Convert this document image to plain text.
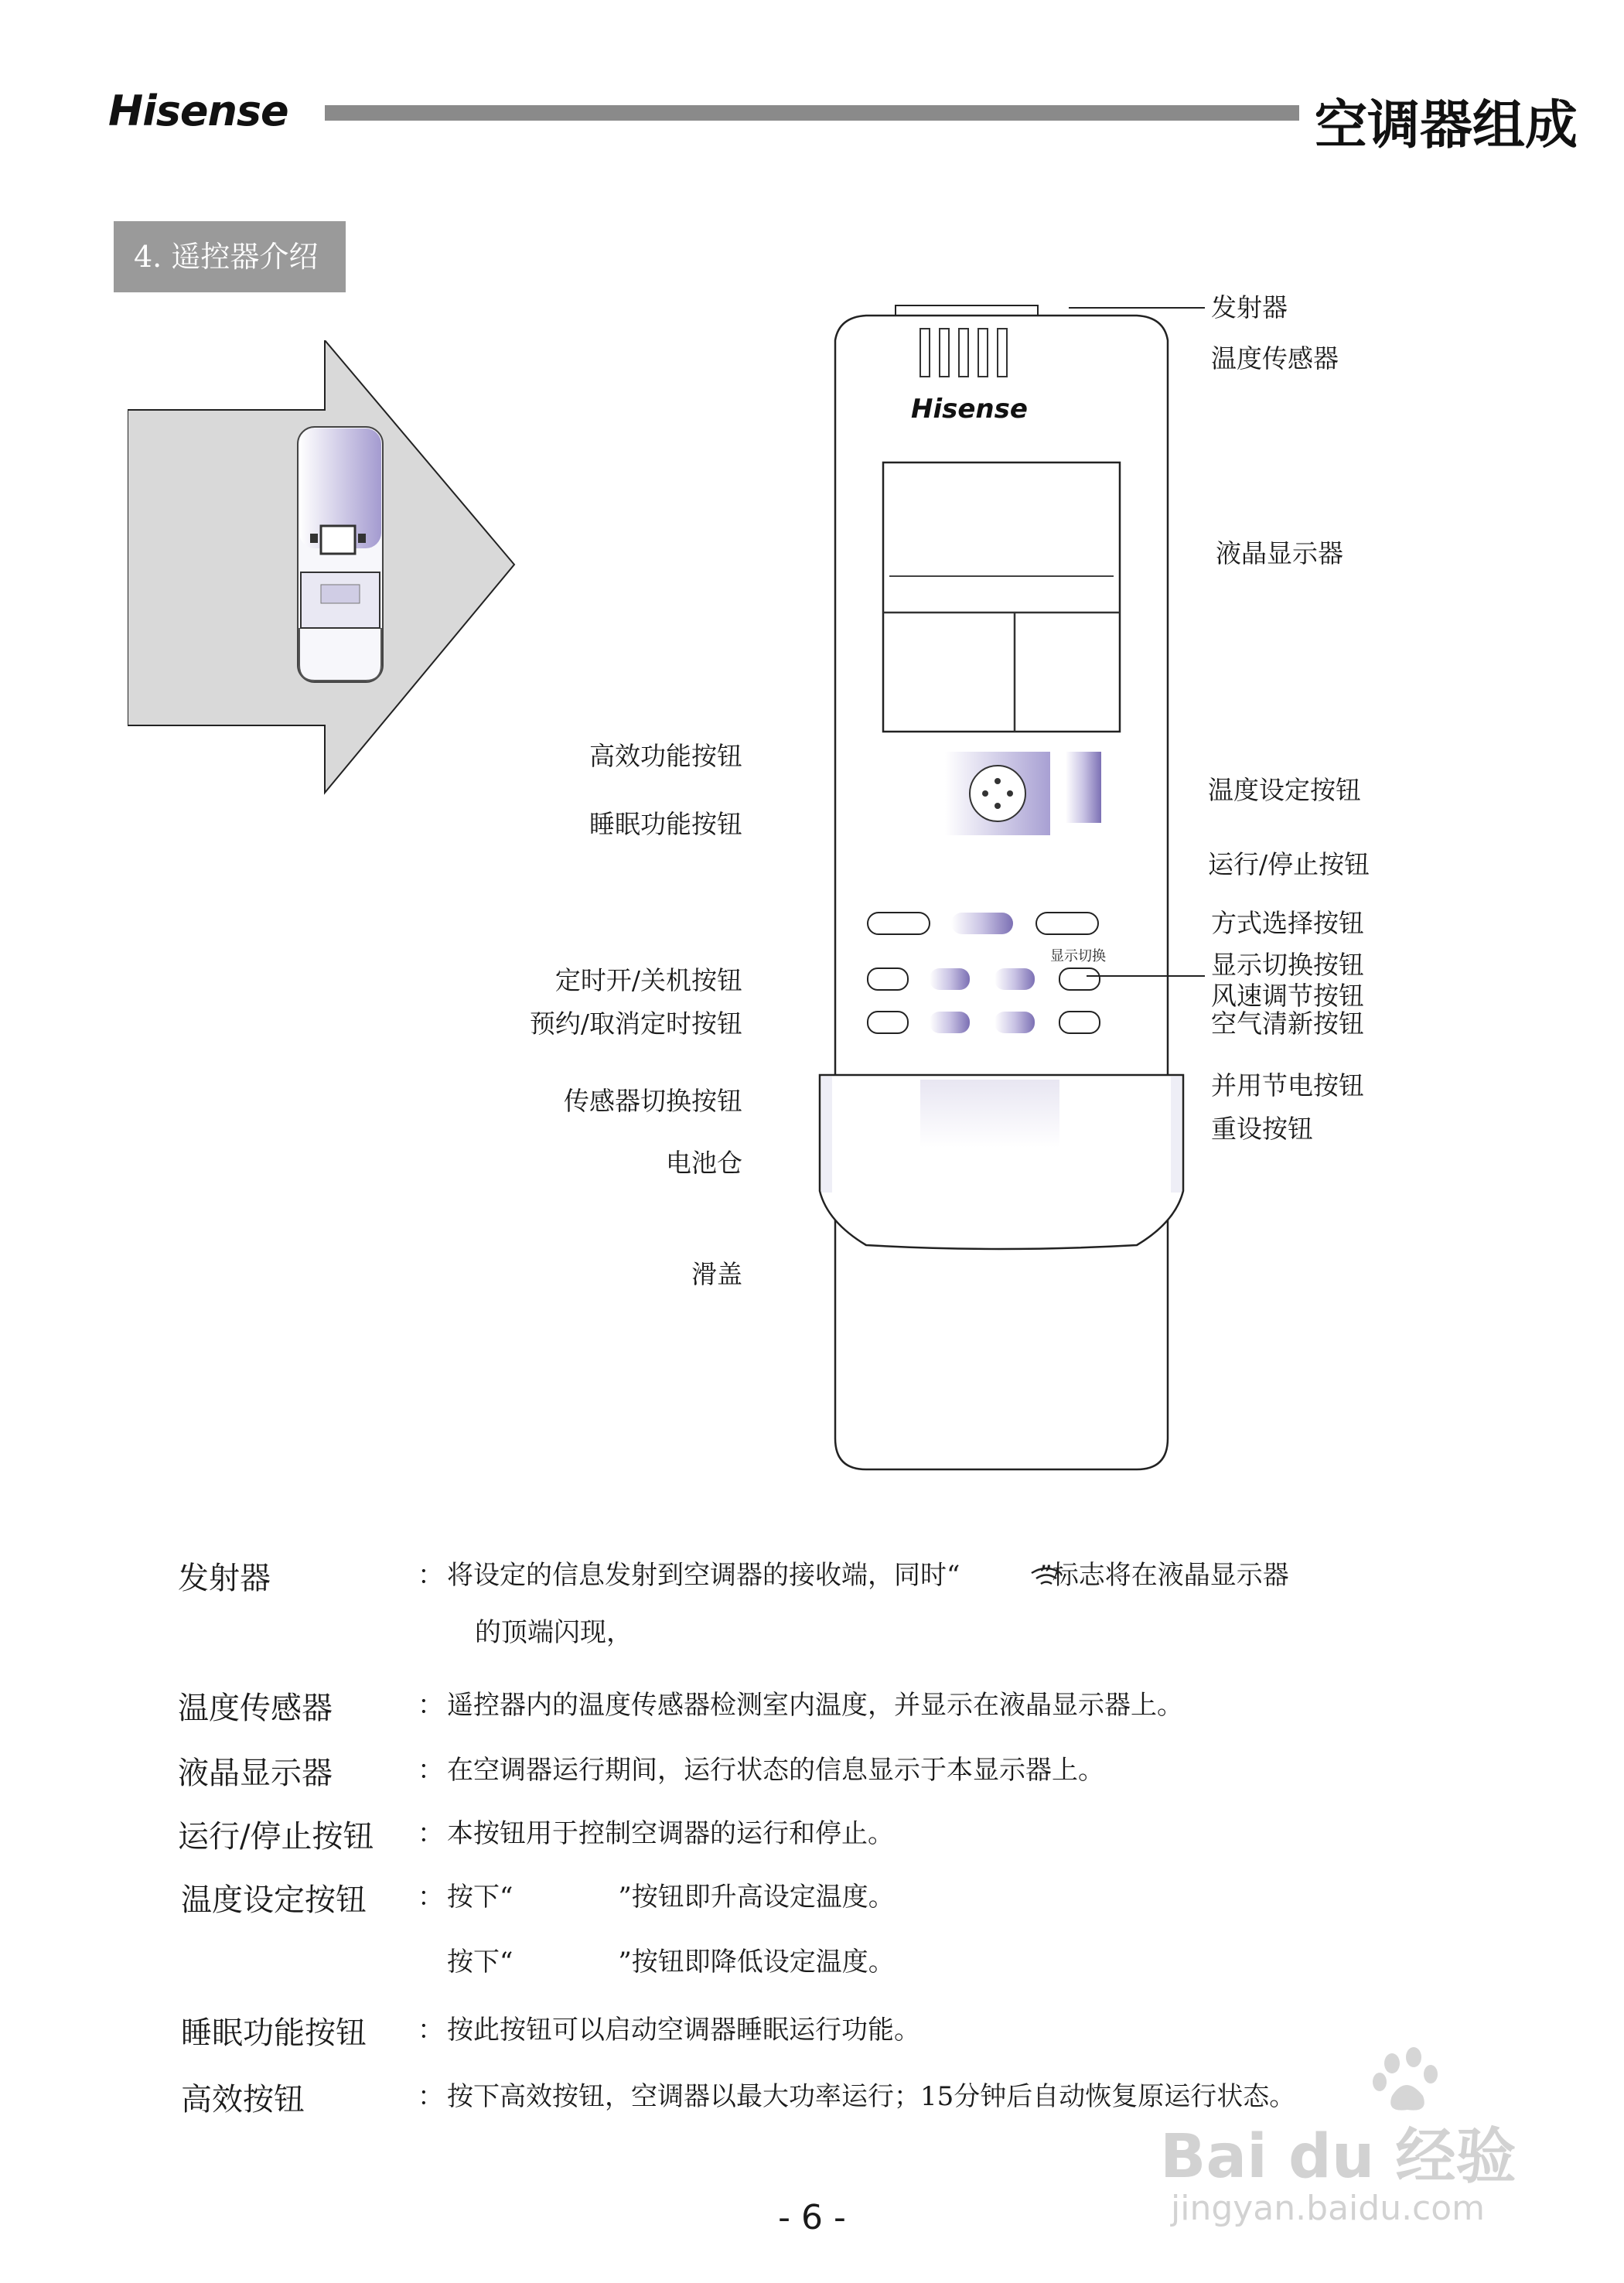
Hisense	空调器组成
4. 遥控器介绍
Hisense
显示切换
发射器
温度传感器
液晶显示器
温度设定按钮
运行/停止按钮
方式选择按钮
显示切换按钮
风速调节按钮
空气清新按钮
并用节电按钮
重设按钮
高效功能按钮
睡眠功能按钮
定时开/关机按钮
预约/取消定时按钮
传感器切换按钮
电池仓
滑盖
发射器	： 将设定的信息发射到空调器的接收端，同时“　　　”标志将在液晶显示器
的顶端闪现，
温度传感器	： 遥控器内的温度传感器检测室内温度，并显示在液晶显示器上。
液晶显示器	： 在空调器运行期间，运行状态的信息显示于本显示器上。
运行/停止按钮 ： 本按钮用于控制空调器的运行和停止。
温度设定按钮 ： 按下“　　　　”按钮即升高设定温度。
按下“　　　　”按钮即降低设定温度。
睡眠功能按钮 ： 按此按钮可以启动空调器睡眠运行功能。
高效按钮	： 按下高效按钮，空调器以最大功率运行；15分钟后自动恢复原运行状态。
Bai du 经验
jingyan.baidu.com
- 6 -
